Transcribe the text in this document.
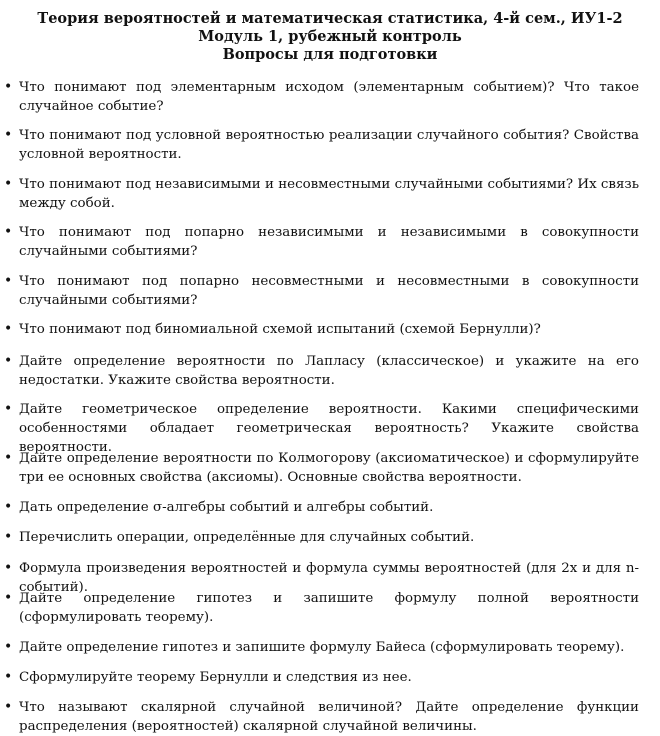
Теория вероятностей и математическая статистика, 4-й сем., ИУ1-2
Модуль 1, рубежный контроль
Вопросы для подготовки
• Что понимают под элементарным исходом (элементарным событием)? Что такое случайное событие?
• Что понимают под условной вероятностью реализации случайного события? Свойства условной вероятности.
• Что понимают под независимыми и несовместными случайными событиями? Их связь между собой.
• Что понимают под попарно независимыми и независимыми в совокупности случайными событиями?
• Что понимают под попарно несовместными и несовместными в совокупности случайными событиями?
• Что понимают под биномиальной схемой испытаний (схемой Бернулли)?
• Дайте определение вероятности по Лапласу (классическое) и укажите на его недостатки. Укажите свойства вероятности.
• Дайте геометрическое определение вероятности. Какими специфическими особенностями обладает геометрическая вероятность? Укажите свойства вероятности.
• Дайте определение вероятности по Колмогорову (аксиоматическое) и сформулируйте три ее основных свойства (аксиомы). Основные свойства вероятности.
• Дать определение σ-алгебры событий и алгебры событий.
• Перечислить операции, определённые для случайных событий.
• Формула произведения вероятностей и формула суммы вероятностей (для 2х и для n-событий).
• Дайте определение гипотез и запишите формулу полной вероятности (сформулировать теорему).
• Дайте определение гипотез и запишите формулу Байеса (сформулировать теорему).
• Сформулируйте теорему Бернулли и следствия из нее.
• Что называют скалярной случайной величиной? Дайте определение функции распределения (вероятностей) скалярной случайной величины.
